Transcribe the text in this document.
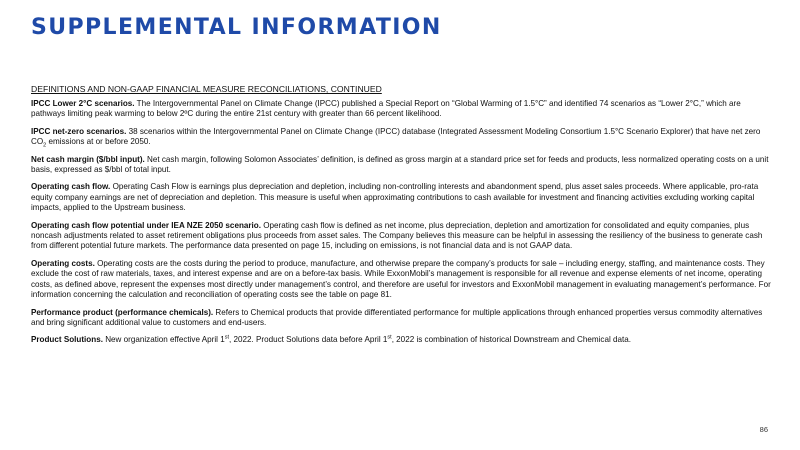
SUPPLEMENTAL INFORMATION
DEFINITIONS AND NON-GAAP FINANCIAL MEASURE RECONCILIATIONS, CONTINUED

IPCC Lower 2°C scenarios. The Intergovernmental Panel on Climate Change (IPCC) published a Special Report on “Global Warming of 1.5°C” and identified 74 scenarios as “Lower 2°C,” which are pathways limiting peak warming to below 2ºC during the entire 21st century with greater than 66 percent likelihood.

IPCC net-zero scenarios. 38 scenarios within the Intergovernmental Panel on Climate Change (IPCC) database (Integrated Assessment Modeling Consortium 1.5°C Scenario Explorer) that have net zero $CO_2$ emissions at or before 2050.

Net cash margin ($/bbl input). Net cash margin, following Solomon Associates’ definition, is defined as gross margin at a standard price set for feeds and products, less normalized operating costs on a unit basis, expressed as $/bbl of total input.

Operating cash flow. Operating Cash Flow is earnings plus depreciation and depletion, including non-controlling interests and abandonment spend, plus asset sales proceeds. Where applicable, pro-rata equity company earnings are net of depreciation and depletion. This measure is useful when approximating contributions to cash available for investment and financing activities excluding working capital impacts, applied to the Upstream business.

Operating cash flow potential under IEA NZE 2050 scenario. Operating cash flow is defined as net income, plus depreciation, depletion and amortization for consolidated and equity companies, plus noncash adjustments related to asset retirement obligations plus proceeds from asset sales. The Company believes this measure can be helpful in assessing the resiliency of the business to generate cash from different potential future markets. The performance data presented on page 15, including on emissions, is not financial data and is not GAAP data.

Operating costs. Operating costs are the costs during the period to produce, manufacture, and otherwise prepare the company’s products for sale – including energy, staffing, and maintenance costs. They exclude the cost of raw materials, taxes, and interest expense and are on a before-tax basis. While ExxonMobil’s management is responsible for all revenue and expense elements of net income, operating costs, as defined above, represent the expenses most directly under management’s control, and therefore are useful for investors and ExxonMobil management in evaluating management’s performance. For information concerning the calculation and reconciliation of operating costs see the table on page 81.

Performance product (performance chemicals). Refers to Chemical products that provide differentiated performance for multiple applications through enhanced properties versus commodity alternatives and bring significant additional value to customers and end-users.

Product Solutions. New organization effective April 1st, 2022. Product Solutions data before April 1st, 2022 is combination of historical Downstream and Chemical data.

86
